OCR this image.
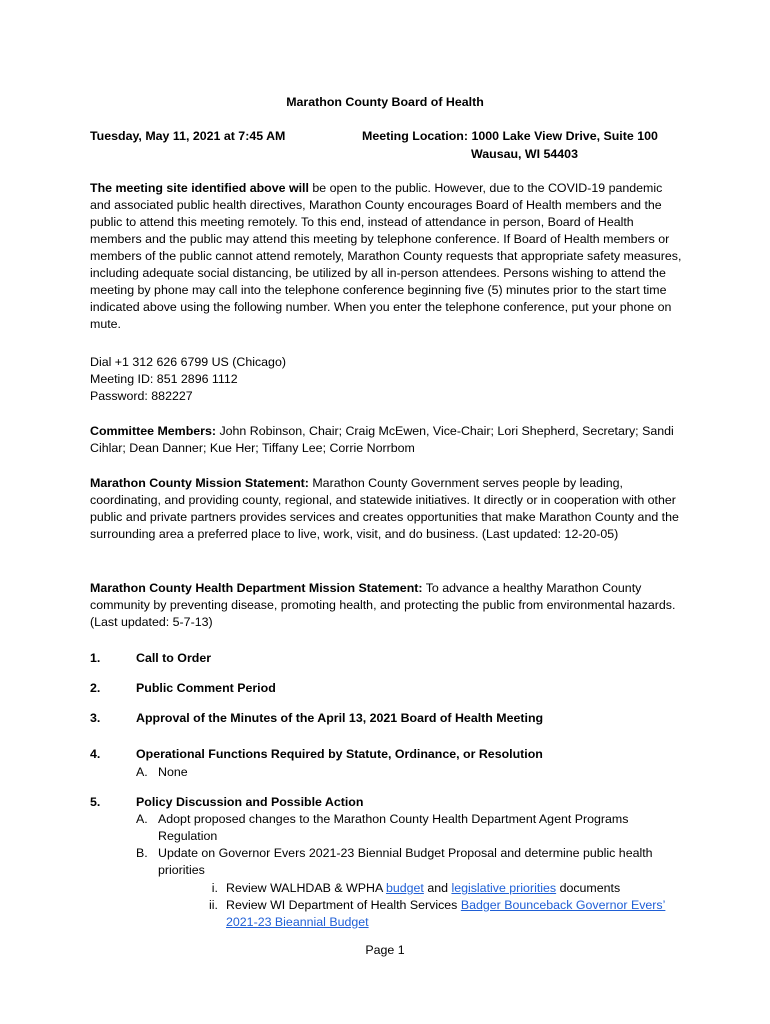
Marathon County Board of Health
Tuesday, May 11, 2021 at 7:45 AM	Meeting Location: 1000 Lake View Drive, Suite 100
Wausau, WI 54403
The meeting site identified above will be open to the public. However, due to the COVID-19 pandemic and associated public health directives, Marathon County encourages Board of Health members and the public to attend this meeting remotely. To this end, instead of attendance in person, Board of Health members and the public may attend this meeting by telephone conference. If Board of Health members or members of the public cannot attend remotely, Marathon County requests that appropriate safety measures, including adequate social distancing, be utilized by all in-person attendees. Persons wishing to attend the meeting by phone may call into the telephone conference beginning five (5) minutes prior to the start time indicated above using the following number. When you enter the telephone conference, put your phone on mute.
Dial +1 312 626 6799 US (Chicago)
Meeting ID: 851 2896 1112
Password: 882227
Committee Members: John Robinson, Chair; Craig McEwen, Vice-Chair; Lori Shepherd, Secretary; Sandi Cihlar; Dean Danner; Kue Her; Tiffany Lee; Corrie Norrbom
Marathon County Mission Statement: Marathon County Government serves people by leading, coordinating, and providing county, regional, and statewide initiatives. It directly or in cooperation with other public and private partners provides services and creates opportunities that make Marathon County and the surrounding area a preferred place to live, work, visit, and do business. (Last updated: 12-20-05)
Marathon County Health Department Mission Statement: To advance a healthy Marathon County community by preventing disease, promoting health, and protecting the public from environmental hazards. (Last updated: 5-7-13)
1.	Call to Order
2.	Public Comment Period
3.	Approval of the Minutes of the April 13, 2021 Board of Health Meeting
4.	Operational Functions Required by Statute, Ordinance, or Resolution
A. None
5.	Policy Discussion and Possible Action
A. Adopt proposed changes to the Marathon County Health Department Agent Programs Regulation
B. Update on Governor Evers 2021-23 Biennial Budget Proposal and determine public health priorities
i. Review WALHDAB & WPHA budget and legislative priorities documents
ii. Review WI Department of Health Services Badger Bounceback Governor Evers’ 2021-23 Bieannial Budget
Page 1
